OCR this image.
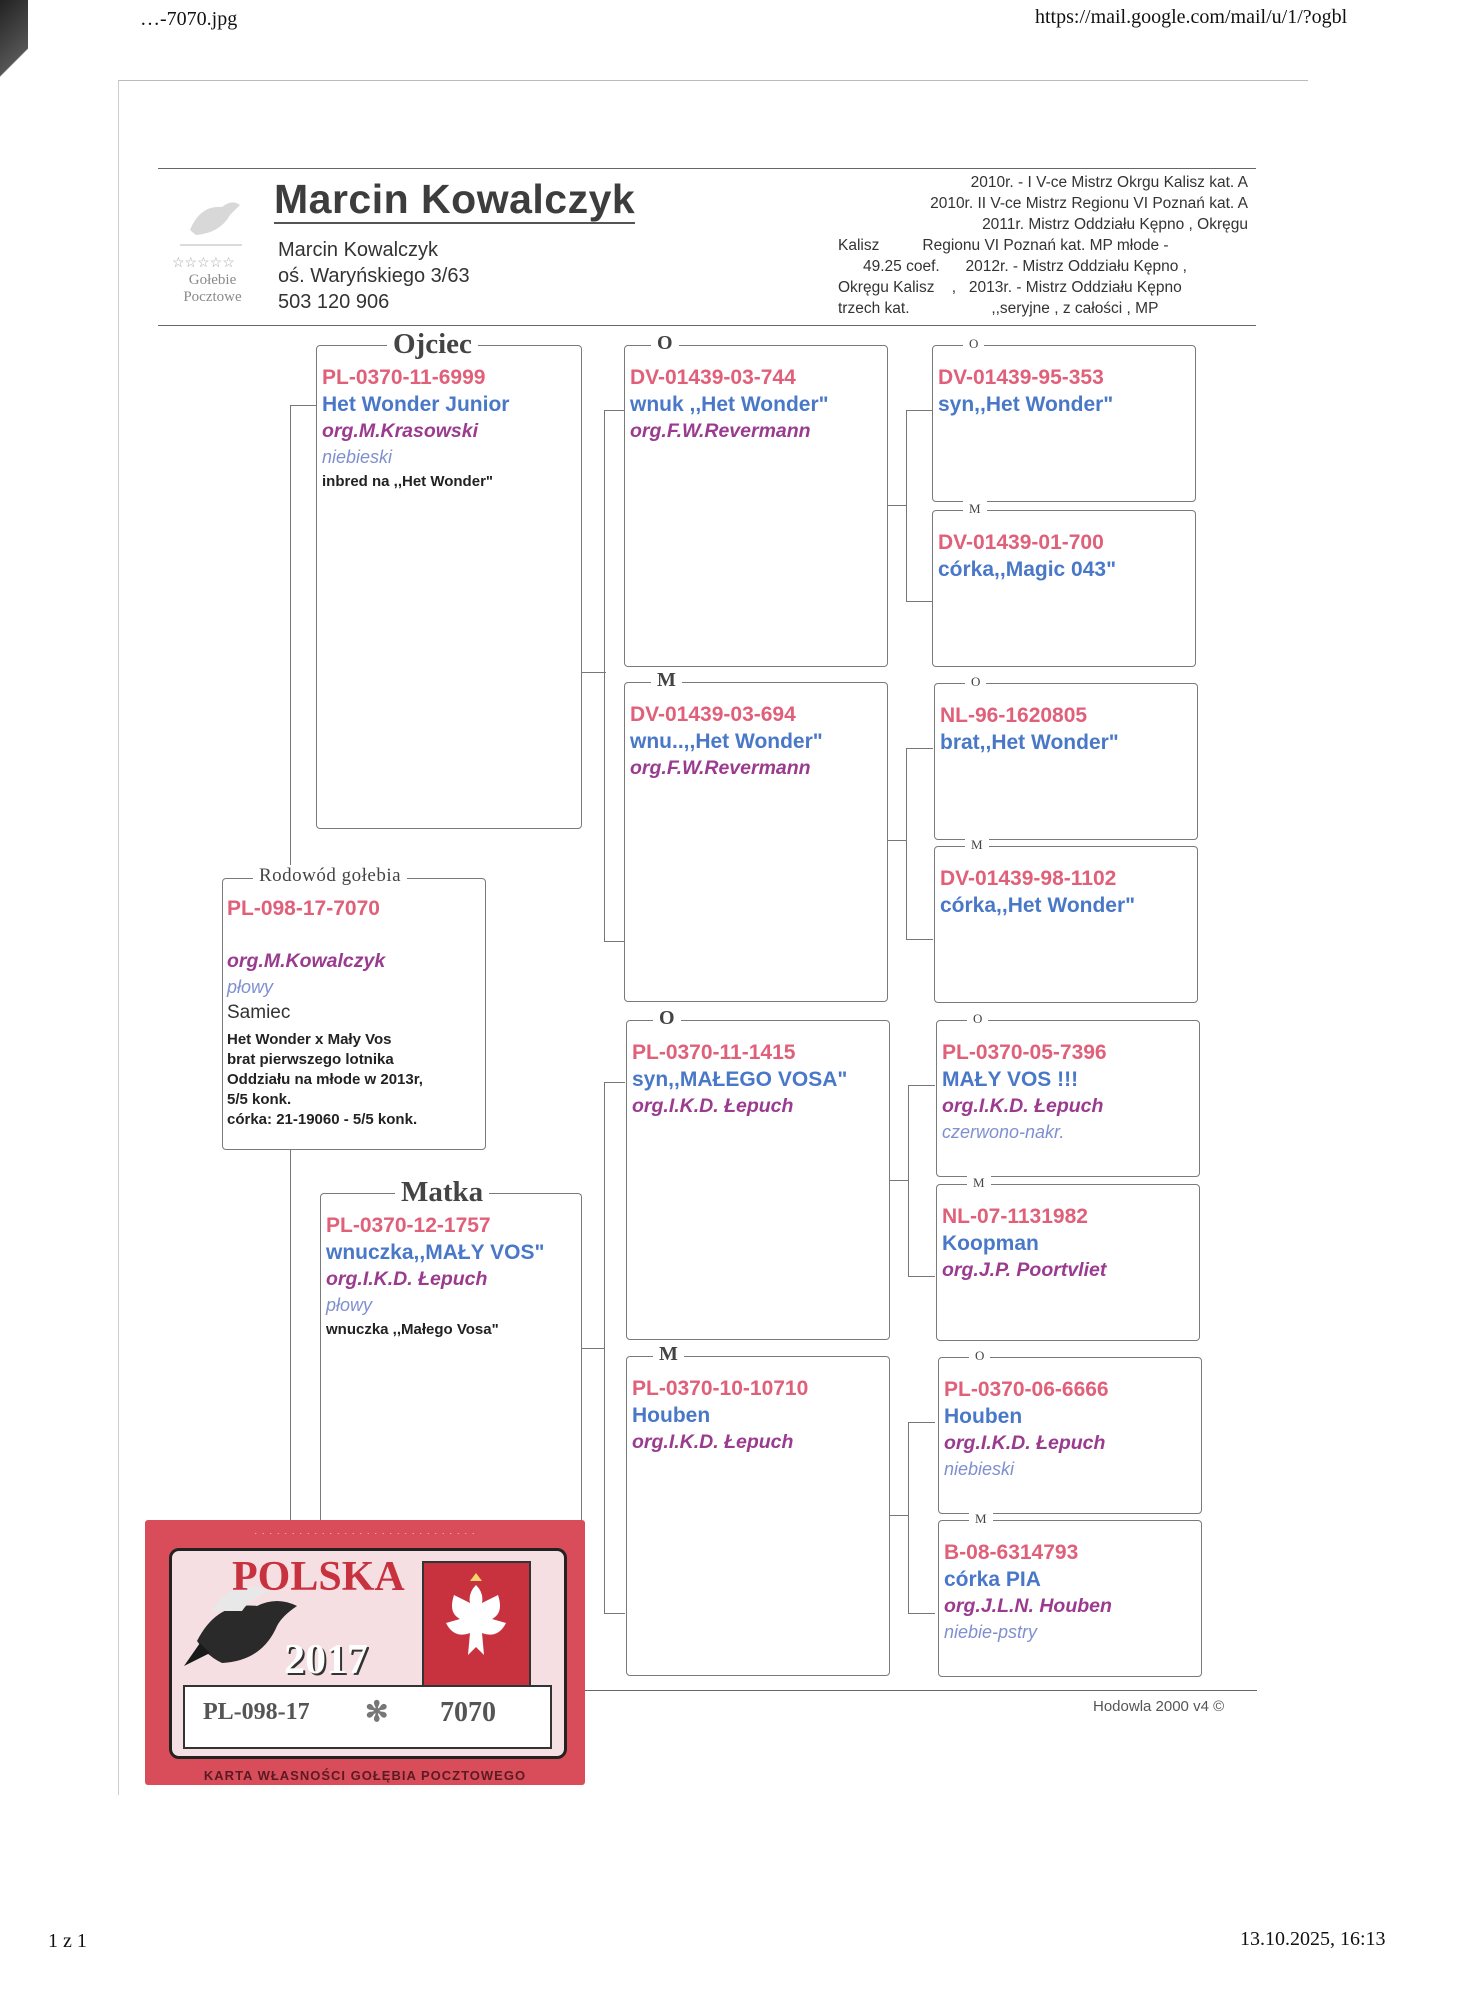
…-7070.jpg	https://mail.google.com/mail/u/1/?ogbl
1 z 1	13.10.2025, 16:13
☆☆☆☆☆
Gołebie
Pocztowe
Marcin Kowalczyk
Marcin Kowalczyk
oś. Waryńskiego 3/63
503 120 906
2010r. - I V-ce Mistrz Okrgu Kalisz kat. A
2010r. II V-ce Mistrz Regionu VI Poznań kat. A
2011r. Mistrz Oddziału Kępno , Okręgu
Kalisz          Regionu VI Poznań kat. MP młode -
49.25 coef.      2012r. - Mistrz Oddziału Kępno ,
Okręgu Kalisz    ,   2013r. - Mistrz Oddziału Kępno
trzech kat.                   ,,seryjne , z całości , MP
Rodowód gołebia
PL-098-17-7070
org.M.Kowalczyk
płowy
Samiec
Het Wonder x Mały Vos
brat pierwszego lotnika
Oddziału na młode w 2013r,
5/5 konk.
córka: 21-19060 - 5/5 konk.
Ojciec
PL-0370-11-6999
Het Wonder Junior
org.M.Krasowski
niebieski
inbred na ,,Het Wonder"
Matka
PL-0370-12-1757
wnuczka,,MAŁY VOS"
org.I.K.D. Łepuch
płowy
wnuczka ,,Małego Vosa"
O
DV-01439-03-744
wnuk ,,Het Wonder"
org.F.W.Revermann
M
DV-01439-03-694
wnu..,,Het Wonder"
org.F.W.Revermann
O
PL-0370-11-1415
syn,,MAŁEGO VOSA"
org.I.K.D. Łepuch
M
PL-0370-10-10710
Houben
org.I.K.D. Łepuch
O
DV-01439-95-353
syn,,Het Wonder"
M
DV-01439-01-700
córka,,Magic 043"
O
NL-96-1620805
brat,,Het Wonder"
M
DV-01439-98-1102
córka,,Het Wonder"
O
PL-0370-05-7396
MAŁY VOS !!!
org.I.K.D. Łepuch
czerwono-nakr.
M
NL-07-1131982
Koopman
org.J.P. Poortvliet
O
PL-0370-06-6666
Houben
org.I.K.D. Łepuch
niebieski
M
B-08-6314793
córka PIA
org.J.L.N. Houben
niebie-pstry
Hodowla 2000 v4 ©
· · · · · · · · · · · · · · · · · · · · · · · · · · · · · ·
POLSKA
2017
PL-098-17 ✻ 7070
KARTA WŁASNOŚCI GOŁĘBIA POCZTOWEGO
